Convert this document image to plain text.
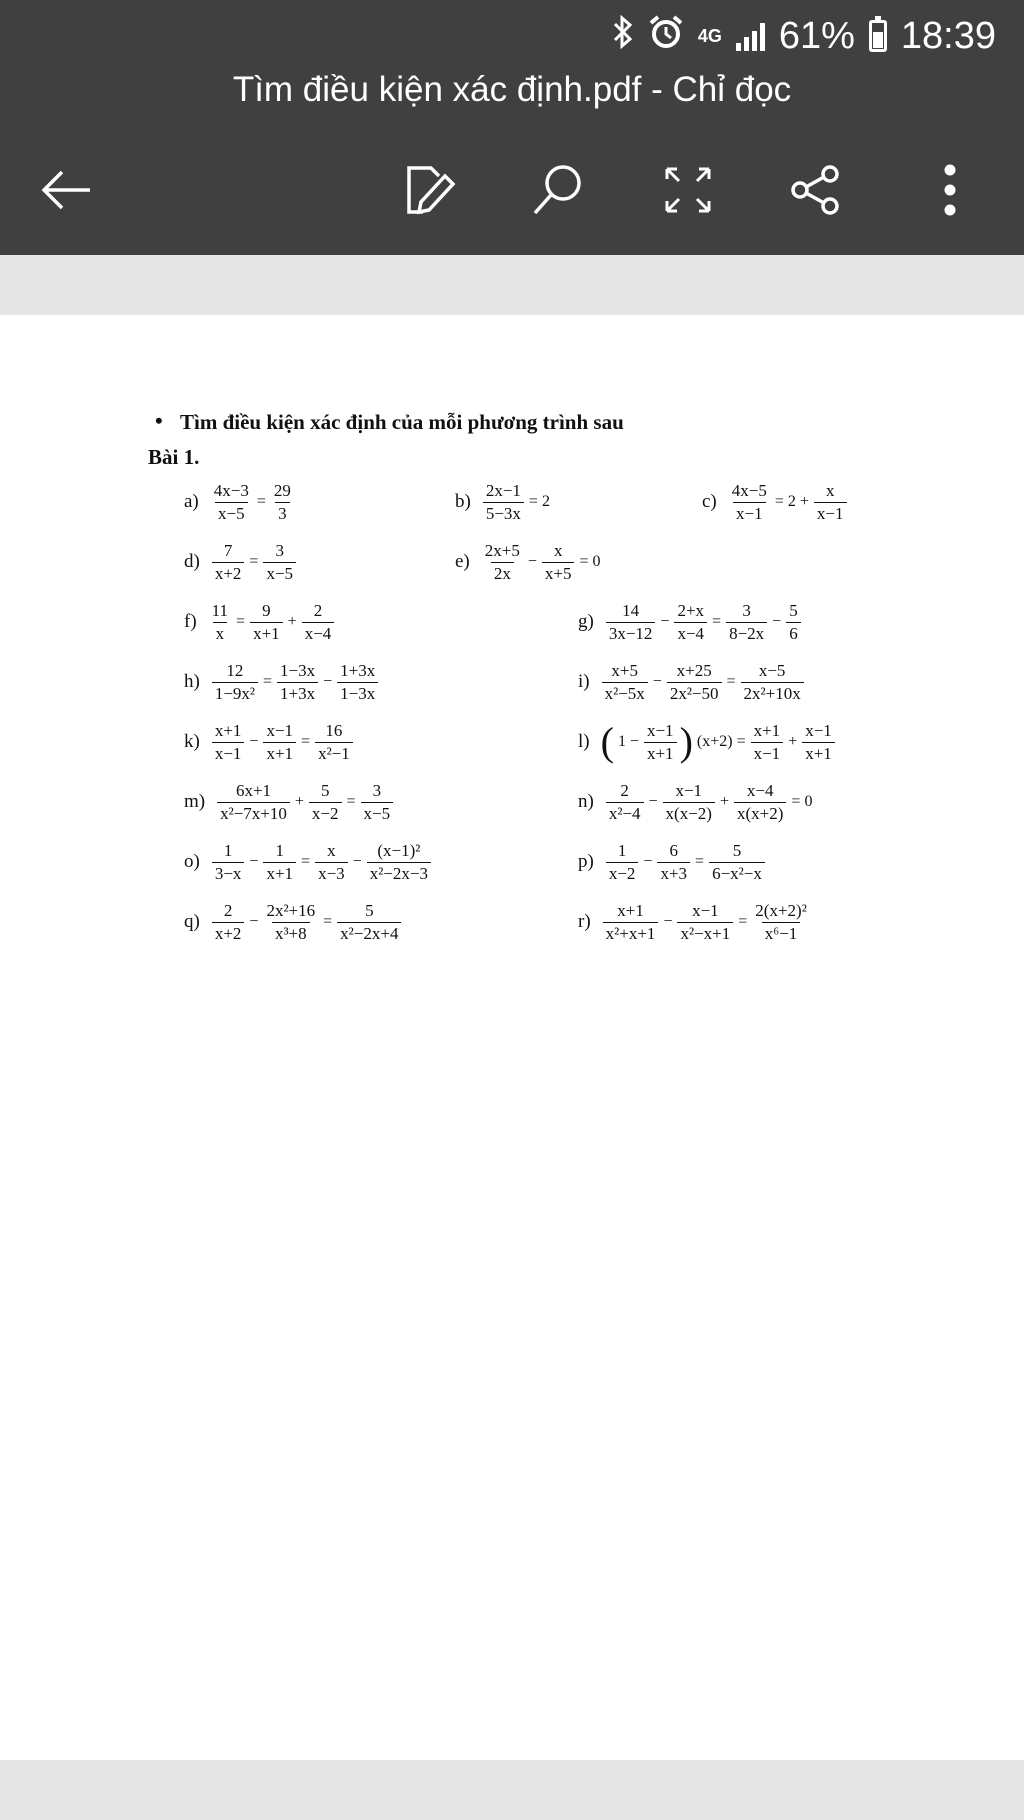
4G 61% 18:39
Tìm điều kiện xác định.pdf - Chỉ đọc
• Tìm điều kiện xác định của mỗi phương trình sau
Bài 1.
$a) \frac{4x-3}{x-5} = \frac{29}{3}$	$b) \frac{2x-1}{5-3x} = 2$	$c) \frac{4x-5}{x-1} = 2 + \frac{x}{x-1}$
$d) \frac{7}{x+2} = \frac{3}{x-5}$	$e) \frac{2x+5}{2x} - \frac{x}{x+5} = 0$
$f) \frac{11}{x} = \frac{9}{x+1} + \frac{2}{x-4}$	$g) \frac{14}{3x-12} - \frac{2+x}{x-4} = \frac{3}{8-2x} - \frac{5}{6}$
$h) \frac{12}{\text{1−9x²}} = \frac{1-3x}{1+3x} - \frac{1+3x}{1-3x}$	$i) \frac{x+5}{\text{x²−5x}} - \frac{x+25}{\text{2x²−50}} = \frac{x-5}{\text{2x²+10x}}$
$k) \frac{x+1}{x-1} - \frac{x-1}{x+1} = \frac{16}{\text{x²−1}}$	l) ( $1 - \frac{x-1}{x+1}$ ) $(x+2) = \frac{x+1}{x-1} + \frac{x-1}{x+1}$
$m) \frac{6x+1}{\text{x²−7x+10}} + \frac{5}{x-2} = \frac{3}{x-5}$	$n) \frac{2}{\text{x²−4}} - \frac{x-1}{x(x-2)} + \frac{x-4}{x(x+2)} = 0$
$o) \frac{1}{3-x} - \frac{1}{x+1} = \frac{x}{x-3} - \frac{\text{(x−1)²}}{\text{x²−2x−3}}$	$p) \frac{1}{x-2} - \frac{6}{x+3} = \frac{5}{\text{6−x²−x}}$
$q) \frac{2}{x+2} - \frac{\text{2x²+16}}{\text{x³+8}} = \frac{5}{\text{x²−2x+4}}$	$r) \frac{x+1}{\text{x²+x+1}} - \frac{x-1}{\text{x²−x+1}} = \frac{\text{2(x+2)²}}{\text{x⁶−1}}$
